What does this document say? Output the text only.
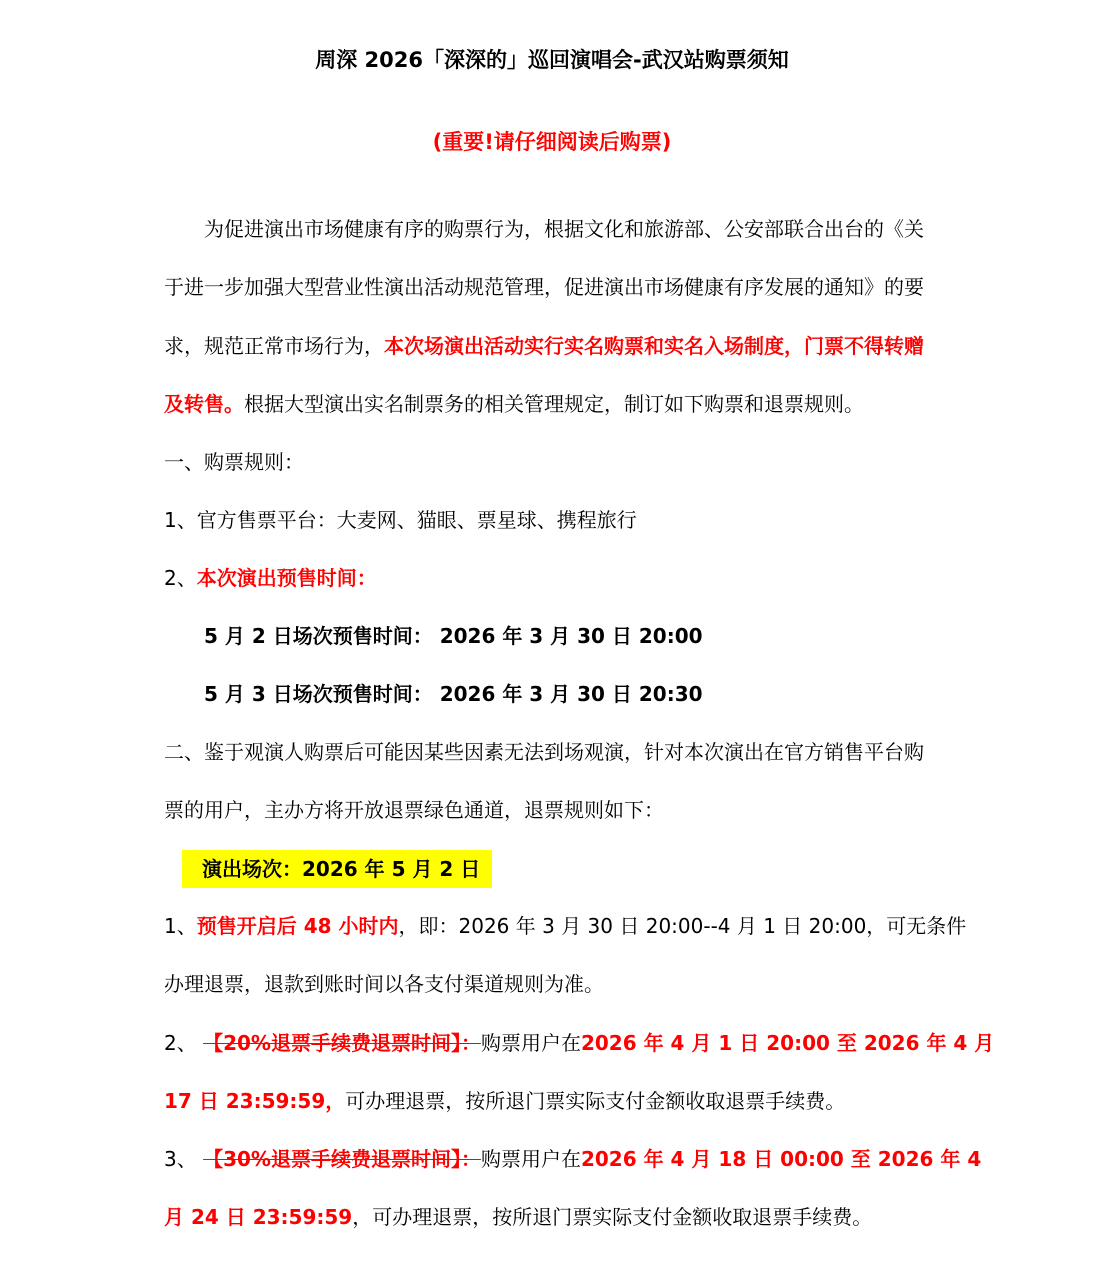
周深 2026「深深的」巡回演唱会-武汉站购票须知
(重要!请仔细阅读后购票)
为促进演出市场健康有序的购票行为，根据文化和旅游部、公安部联合出台的《关
于进一步加强大型营业性演出活动规范管理，促进演出市场健康有序发展的通知》的要
求，规范正常市场行为，本次场演出活动实行实名购票和实名入场制度，门票不得转赠
及转售。根据大型演出实名制票务的相关管理规定，制订如下购票和退票规则。
一、购票规则：
1、官方售票平台：大麦网、猫眼、票星球、携程旅行
2、本次演出预售时间：
5 月 2 日场次预售时间： 2026 年 3 月 30 日 20:00
5 月 3 日场次预售时间： 2026 年 3 月 30 日 20:30
二、鉴于观演人购票后可能因某些因素无法到场观演，针对本次演出在官方销售平台购
票的用户，主办方将开放退票绿色通道，退票规则如下：
演出场次：2026 年 5 月 2 日
1、预售开启后 48 小时内，即：2026 年 3 月 30 日 20:00--4 月 1 日 20:00，可无条件
办理退票，退款到账时间以各支付渠道规则为准。
2、 【20%退票手续费退票时间】：购票用户在2026 年 4 月 1 日 20:00 至 2026 年 4 月
17 日 23:59:59，可办理退票，按所退门票实际支付金额收取退票手续费。
3、 【30%退票手续费退票时间】：购票用户在2026 年 4 月 18 日 00:00 至 2026 年 4
月 24 日 23:59:59，可办理退票，按所退门票实际支付金额收取退票手续费。
